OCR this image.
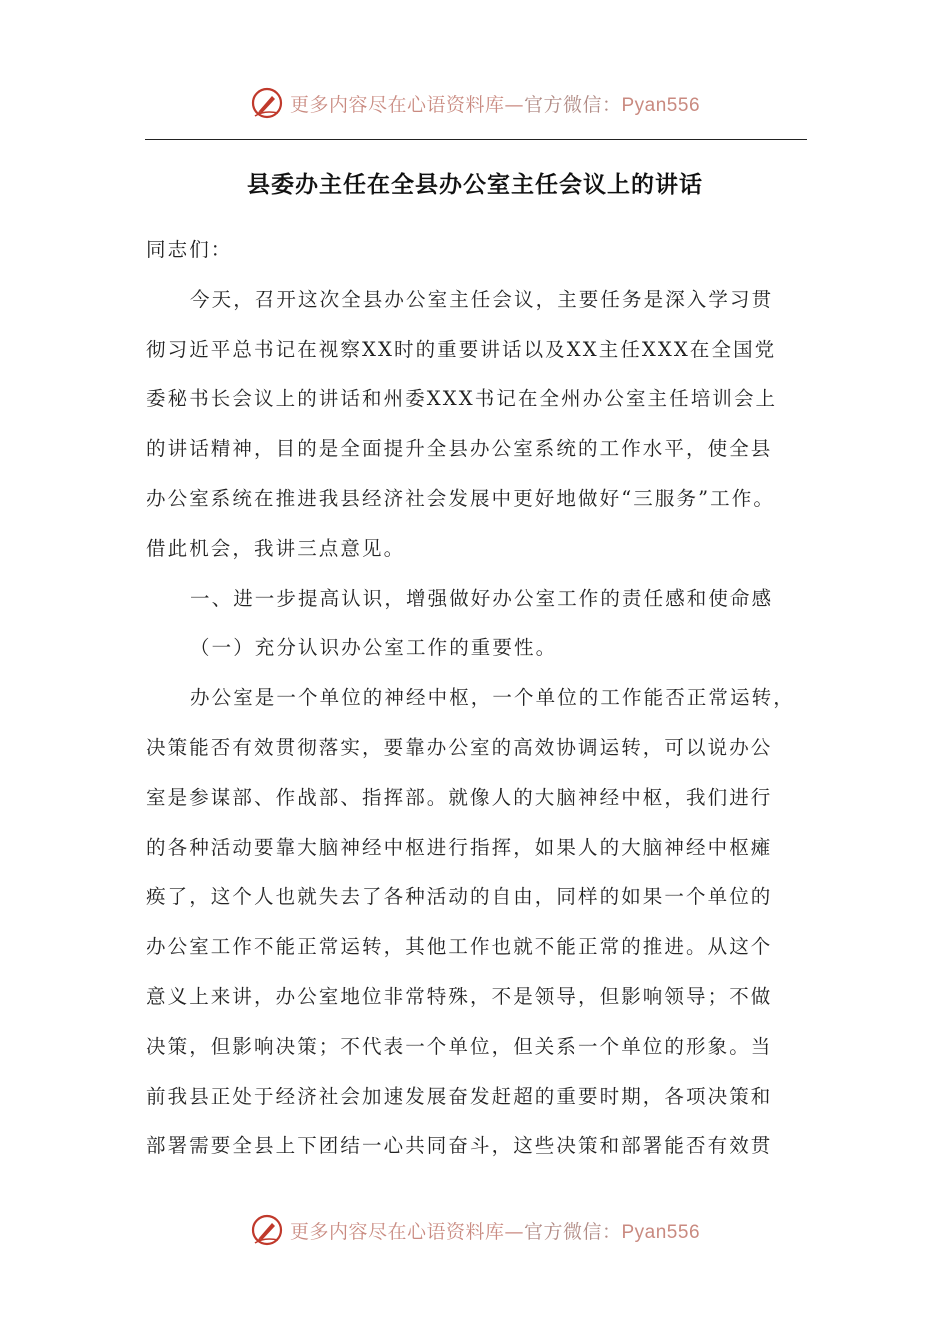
更多内容尽在心语资料库—官方微信：Pyan556
县委办主任在全县办公室主任会议上的讲话
同志们：
今天，召开这次全县办公室主任会议，主要任务是深入学习贯
彻习近平总书记在视察XX时的重要讲话以及XX主任XXX在全国党
委秘书长会议上的讲话和州委XXX书记在全州办公室主任培训会上
的讲话精神，目的是全面提升全县办公室系统的工作水平，使全县
办公室系统在推进我县经济社会发展中更好地做好“三服务”工作。
借此机会，我讲三点意见。
一、进一步提高认识，增强做好办公室工作的责任感和使命感
（一）充分认识办公室工作的重要性。
办公室是一个单位的神经中枢，一个单位的工作能否正常运转，
决策能否有效贯彻落实，要靠办公室的高效协调运转，可以说办公
室是参谋部、作战部、指挥部。就像人的大脑神经中枢，我们进行
的各种活动要靠大脑神经中枢进行指挥，如果人的大脑神经中枢瘫
痪了，这个人也就失去了各种活动的自由，同样的如果一个单位的
办公室工作不能正常运转，其他工作也就不能正常的推进。从这个
意义上来讲，办公室地位非常特殊，不是领导，但影响领导；不做
决策，但影响决策；不代表一个单位，但关系一个单位的形象。当
前我县正处于经济社会加速发展奋发赶超的重要时期，各项决策和
部署需要全县上下团结一心共同奋斗，这些决策和部署能否有效贯
更多内容尽在心语资料库—官方微信：Pyan556
